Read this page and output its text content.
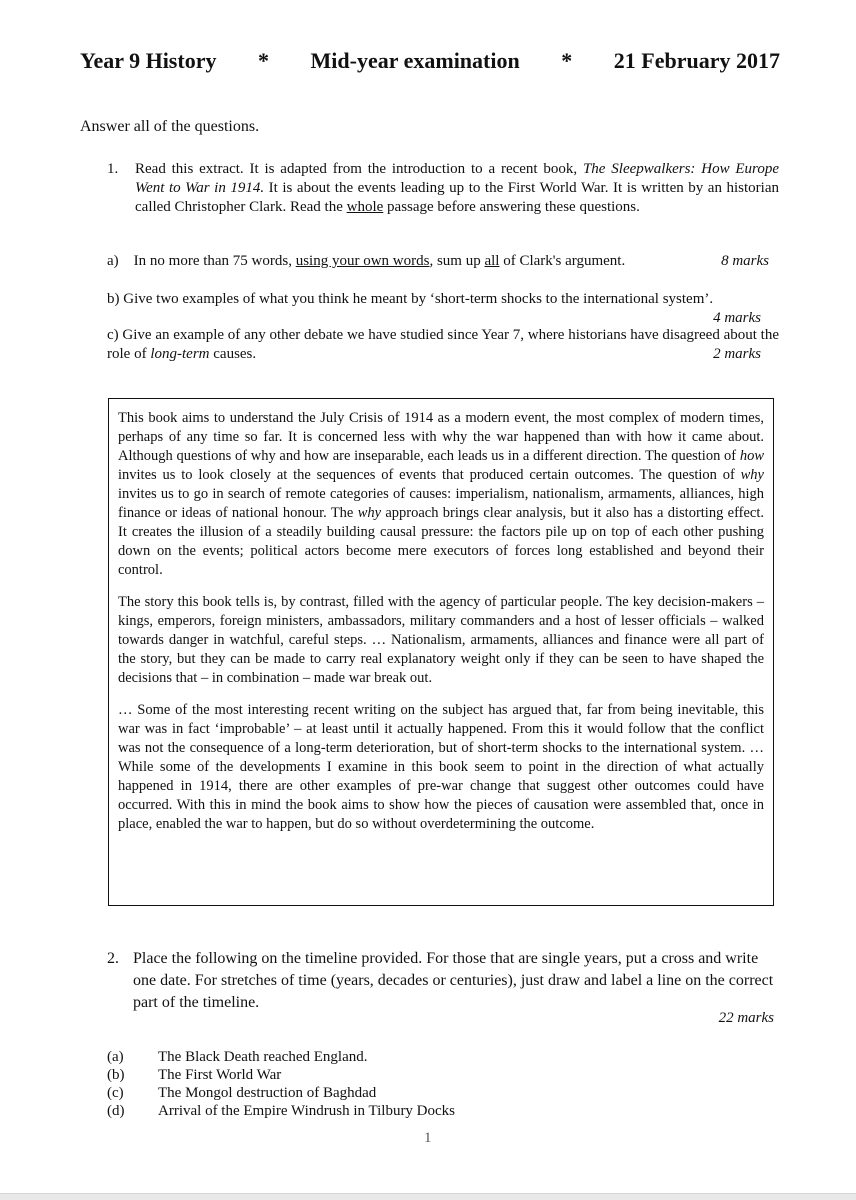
Year 9 History * Mid-year examination * 21 February 2017
Answer all of the questions.
1. Read this extract. It is adapted from the introduction to a recent book, The Sleepwalkers: How Europe Went to War in 1914. It is about the events leading up to the First World War. It is written by an historian called Christopher Clark. Read the whole passage before answering these questions.
a) In no more than 75 words, using your own words, sum up all of Clark's argument.	8 marks
b) Give two examples of what you think he meant by ‘short-term shocks to the international system’.
4 marks
c) Give an example of any other debate we have studied since Year 7, where historians have disagreed about the role of long-term causes.	2 marks

This book aims to understand the July Crisis of 1914 as a modern event, the most complex of modern times, perhaps of any time so far. It is concerned less with why the war happened than with how it came about. Although questions of why and how are inseparable, each leads us in a different direction. The question of how invites us to look closely at the sequences of events that produced certain outcomes. The question of why invites us to go in search of remote categories of causes: imperialism, nationalism, armaments, alliances, high finance or ideas of national honour. The why approach brings clear analysis, but it also has a distorting effect. It creates the illusion of a steadily building causal pressure: the factors pile up on top of each other pushing down on the events; political actors become mere executors of forces long established and beyond their control.

The story this book tells is, by contrast, filled with the agency of particular people. The key decision-makers – kings, emperors, foreign ministers, ambassadors, military commanders and a host of lesser officials – walked towards danger in watchful, careful steps. … Nationalism, armaments, alliances and finance were all part of the story, but they can be made to carry real explanatory weight only if they can be seen to have shaped the decisions that – in combination – made war break out.

… Some of the most interesting recent writing on the subject has argued that, far from being inevitable, this war was in fact ‘improbable’ – at least until it actually happened. From this it would follow that the conflict was not the consequence of a long-term deterioration, but of short-term shocks to the international system. … While some of the developments I examine in this book seem to point in the direction of what actually happened in 1914, there are other examples of pre-war change that suggest other outcomes could have occurred. With this in mind the book aims to show how the pieces of causation were assembled that, once in place, enabled the war to happen, but do so without overdetermining the outcome.

2. Place the following on the timeline provided. For those that are single years, put a cross and write one date. For stretches of time (years, decades or centuries), just draw and label a line on the correct part of the timeline.
22 marks
(a)	The Black Death reached England.
(b)	The First World War
(c)	The Mongol destruction of Baghdad
(d)	Arrival of the Empire Windrush in Tilbury Docks
1
